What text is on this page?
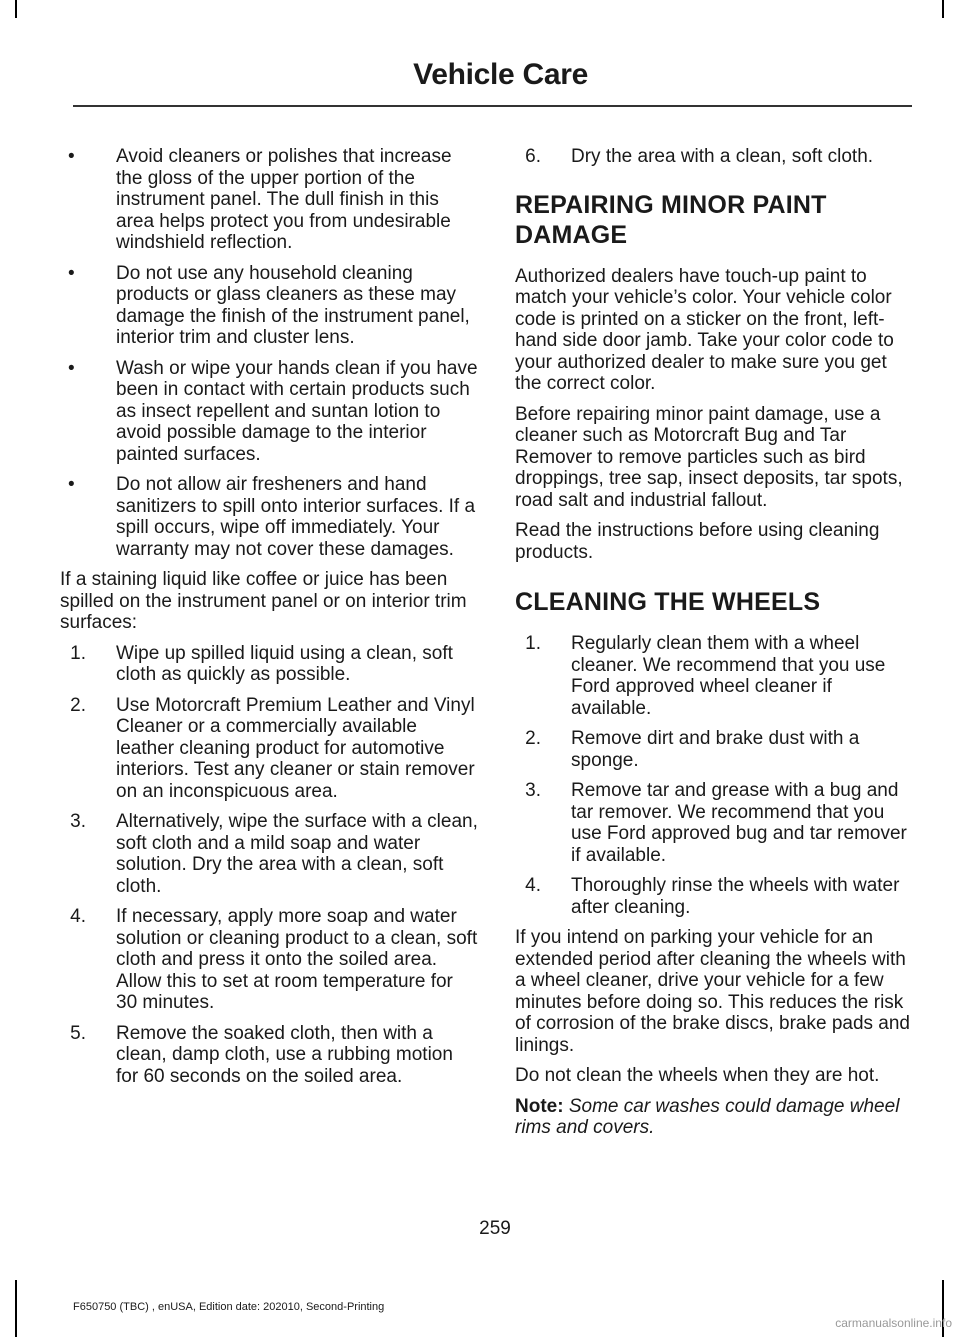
Vehicle Care
• Avoid cleaners or polishes that increase the gloss of the upper portion of the instrument panel. The dull finish in this area helps protect you from undesirable windshield reflection.
• Do not use any household cleaning products or glass cleaners as these may damage the finish of the instrument panel, interior trim and cluster lens.
• Wash or wipe your hands clean if you have been in contact with certain products such as insect repellent and suntan lotion to avoid possible damage to the interior painted surfaces.
• Do not allow air fresheners and hand sanitizers to spill onto interior surfaces. If a spill occurs, wipe off immediately. Your warranty may not cover these damages.

If a staining liquid like coffee or juice has been spilled on the instrument panel or on interior trim surfaces:

1. Wipe up spilled liquid using a clean, soft cloth as quickly as possible.
2. Use Motorcraft Premium Leather and Vinyl Cleaner or a commercially available leather cleaning product for automotive interiors. Test any cleaner or stain remover on an inconspicuous area.
3. Alternatively, wipe the surface with a clean, soft cloth and a mild soap and water solution. Dry the area with a clean, soft cloth.
4. If necessary, apply more soap and water solution or cleaning product to a clean, soft cloth and press it onto the soiled area. Allow this to set at room temperature for 30 minutes.
5. Remove the soaked cloth, then with a clean, damp cloth, use a rubbing motion for 60 seconds on the soiled area.
6. Dry the area with a clean, soft cloth.
REPAIRING MINOR PAINT DAMAGE

Authorized dealers have touch-up paint to match your vehicle’s color. Your vehicle color code is printed on a sticker on the front, left-hand side door jamb. Take your color code to your authorized dealer to make sure you get the correct color.

Before repairing minor paint damage, use a cleaner such as Motorcraft Bug and Tar Remover to remove particles such as bird droppings, tree sap, insect deposits, tar spots, road salt and industrial fallout.

Read the instructions before using cleaning products.

CLEANING THE WHEELS
1. Regularly clean them with a wheel cleaner. We recommend that you use Ford approved wheel cleaner if available.
2. Remove dirt and brake dust with a sponge.
3. Remove tar and grease with a bug and tar remover. We recommend that you use Ford approved bug and tar remover if available.
4. Thoroughly rinse the wheels with water after cleaning.

If you intend on parking your vehicle for an extended period after cleaning the wheels with a wheel cleaner, drive your vehicle for a few minutes before doing so. This reduces the risk of corrosion of the brake discs, brake pads and linings.

Do not clean the wheels when they are hot.

Note: Some car washes could damage wheel rims and covers.

259
F650750 (TBC) , enUSA, Edition date: 202010, Second-Printing
carmanualsonline.info
